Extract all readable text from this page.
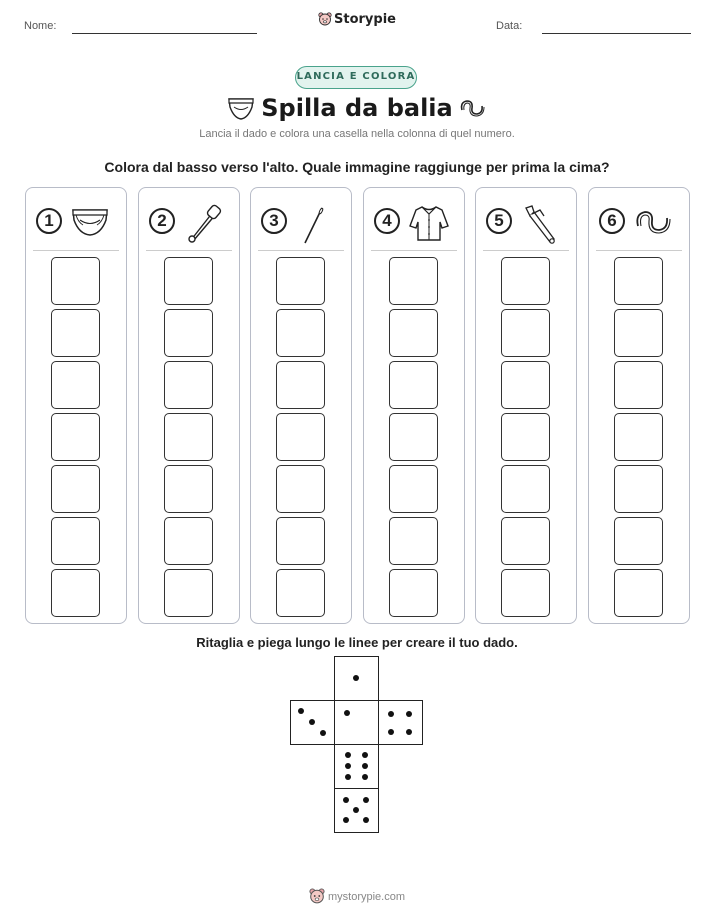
Nome:	Storypie	Data:
LANCIA E COLORA
Spilla da balia
Lancia il dado e colora una casella nella colonna di quel numero.
Colora dal basso verso l'alto. Quale immagine raggiunge per prima la cima?
1	2	3	4	5	6
Ritaglia e piega lungo le linee per creare il tuo dado.
mystorypie.com
